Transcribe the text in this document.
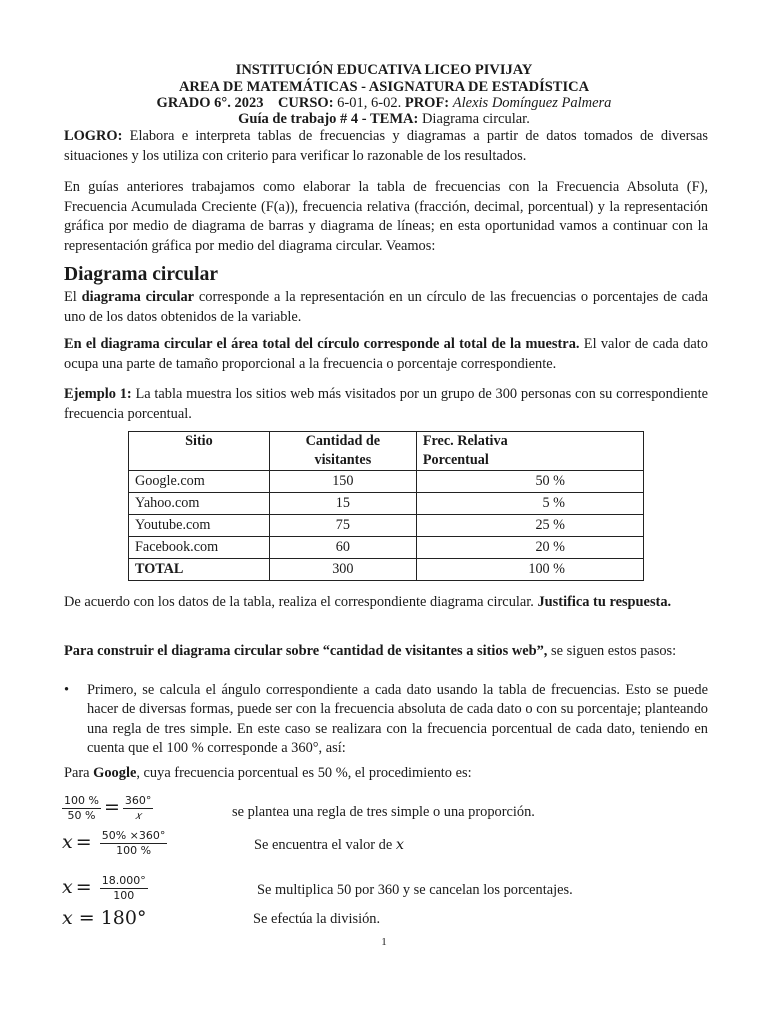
INSTITUCIÓN EDUCATIVA LICEO PIVIJAY
AREA DE MATEMÁTICAS - ASIGNATURA DE ESTADÍSTICA
GRADO 6°. 2023 CURSO: 6-01, 6-02. PROF: Alexis Domínguez Palmera
Guía de trabajo # 4 - TEMA: Diagrama circular.
LOGRO: Elabora e interpreta tablas de frecuencias y diagramas a partir de datos tomados de diversas situaciones y los utiliza con criterio para verificar lo razonable de los resultados.
En guías anteriores trabajamos como elaborar la tabla de frecuencias con la Frecuencia Absoluta (F), Frecuencia Acumulada Creciente (F(a)), frecuencia relativa (fracción, decimal, porcentual) y la representación gráfica por medio de diagrama de barras y diagrama de líneas; en esta oportunidad vamos a continuar con la representación gráfica por medio del diagrama circular. Veamos:
Diagrama circular
El diagrama circular corresponde a la representación en un círculo de las frecuencias o porcentajes de cada uno de los datos obtenidos de la variable.
En el diagrama circular el área total del círculo corresponde al total de la muestra. El valor de cada dato ocupa una parte de tamaño proporcional a la frecuencia o porcentaje correspondiente.
Ejemplo 1: La tabla muestra los sitios web más visitados por un grupo de 300 personas con su correspondiente frecuencia porcentual.
Sitio	Cantidad de visitantes	Frec. Relativa
Porcentual
Google.com	150	50 %
Yahoo.com	15	5 %
Youtube.com	75	25 %
Facebook.com	60	20 %
TOTAL	300	100 %
De acuerdo con los datos de la tabla, realiza el correspondiente diagrama circular. Justifica tu respuesta.
Para construir el diagrama circular sobre “cantidad de visitantes a sitios web”, se siguen estos pasos:
• Primero, se calcula el ángulo correspondiente a cada dato usando la tabla de frecuencias. Esto se puede hacer de diversas formas, puede ser con la frecuencia absoluta de cada dato o con su porcentaje; planteando una regla de tres simple. En este caso se realizara con la frecuencia porcentual de cada dato, teniendo en cuenta que el 100 % corresponde a 360°, así:
Para Google, cuya frecuencia porcentual es 50 %, el procedimiento es:
$\frac{100 \%}{50 \%} = \frac{360^\circ}{\text{𝑥}}$	se plantea una regla de tres simple o una proporción.
𝑥 = $\frac{50\% \times 360^\circ}{100 \%}$	Se encuentra el valor de 𝑥
𝑥 = $\frac{18.000^\circ}{100}$	Se multiplica 50 por 360 y se cancelan los porcentajes.
𝑥 = 180°	Se efectúa la división.
1
